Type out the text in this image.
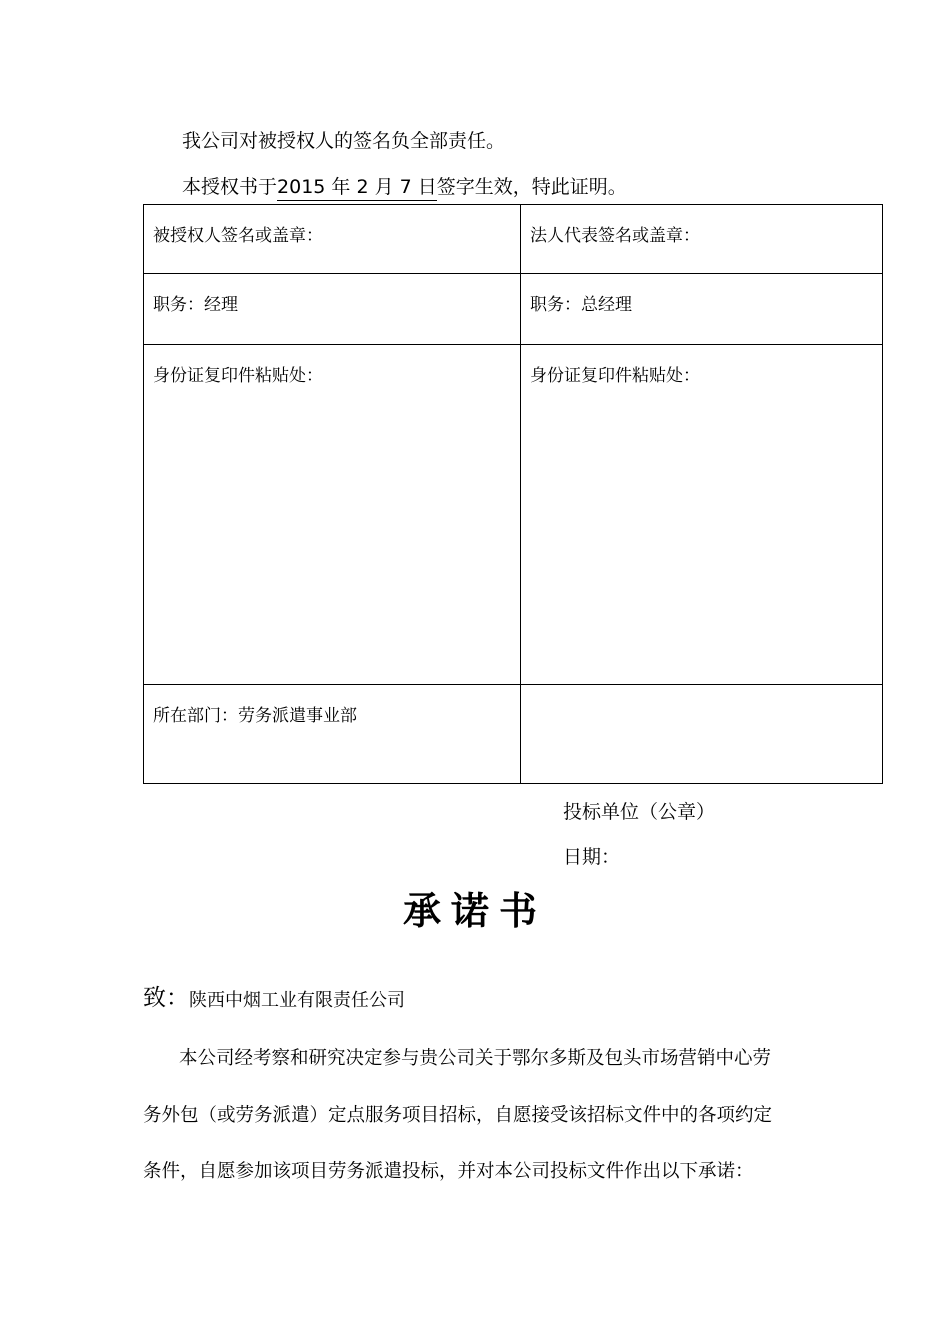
我公司对被授权人的签名负全部责任。
本授权书于2015 年 2 月 7 日签字生效，特此证明。
被授权人签名或盖章：	法人代表签名或盖章：
职务：经理	职务：总经理
身份证复印件粘贴处：	身份证复印件粘贴处：
所在部门：劳务派遣事业部	
投标单位（公章）
日期：
承诺书
致： 陕西中烟工业有限责任公司
本公司经考察和研究决定参与贵公司关于鄂尔多斯及包头市场营销中心劳
务外包（或劳务派遣）定点服务项目招标，自愿接受该招标文件中的各项约定
条件，自愿参加该项目劳务派遣投标，并对本公司投标文件作出以下承诺：
